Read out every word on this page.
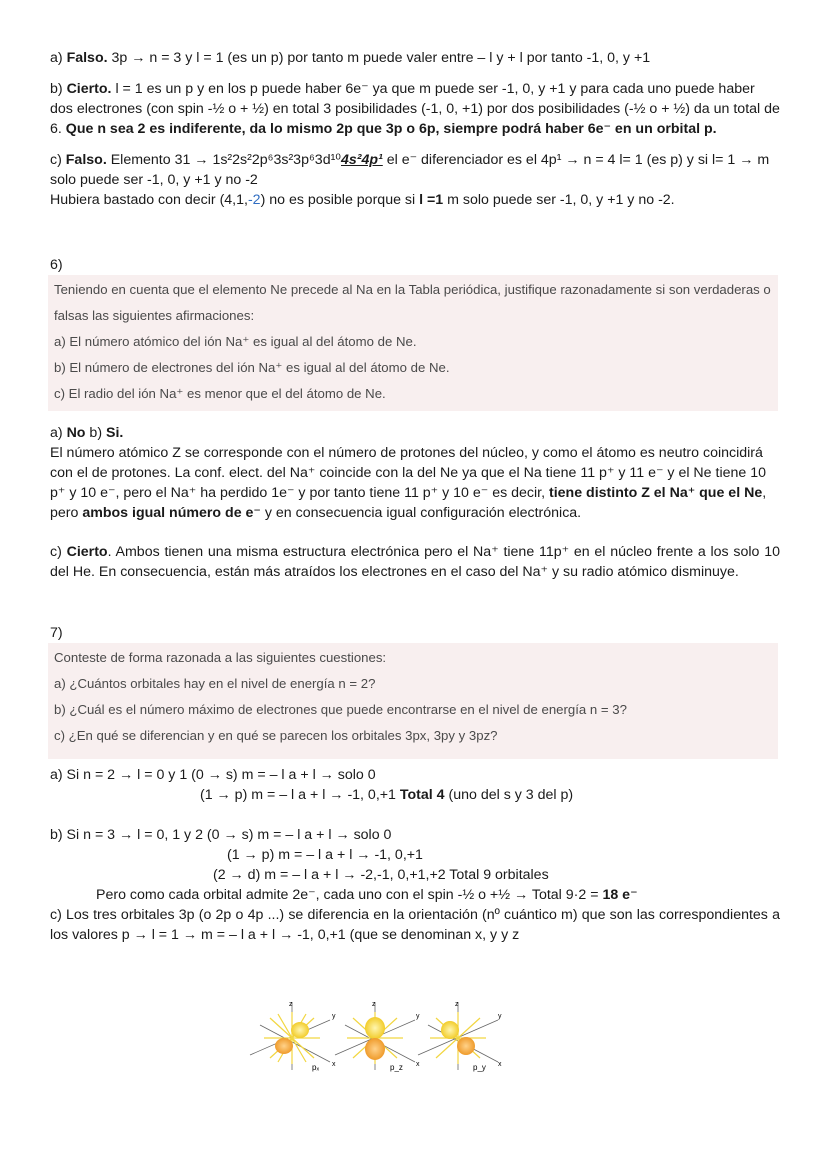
a) Falso. 3p → n = 3 y l = 1 (es un p) por tanto m puede valer entre – l y + l por tanto -1, 0, y +1

b) Cierto. l = 1 es un p y en los p puede haber 6e⁻ ya que m puede ser -1, 0, y +1 y para cada uno puede haber dos electrones (con spin -½ o + ½) en total 3 posibilidades (-1, 0, +1) por dos posibilidades (-½ o + ½) da un total de 6. Que n sea 2 es indiferente, da lo mismo 2p que 3p o 6p, siempre podrá haber 6e⁻ en un orbital p.

c) Falso. Elemento 31 → 1s²2s²2p⁶3s²3p⁶3d¹⁰4s²4p¹ el e⁻ diferenciador es el 4p¹ → n = 4 l= 1 (es p) y si l= 1 → m solo puede ser -1, 0, y +1 y no -2

Hubiera bastado con decir (4,1,-2) no es posible porque si l =1 m solo puede ser -1, 0, y +1 y no -2.

6)

Teniendo en cuenta que el elemento Ne precede al Na en la Tabla periódica, justifique razonadamente si son verdaderas o falsas las siguientes afirmaciones:

a) El número atómico del ión Na⁺ es igual al del átomo de Ne.

b) El número de electrones del ión Na⁺ es igual al del átomo de Ne.

c) El radio del ión Na⁺ es menor que el del átomo de Ne.

a) No b) Si.

El número atómico Z se corresponde con el número de protones del núcleo, y como el átomo es neutro coincidirá con el de protones. La conf. elect. del Na⁺ coincide con la del Ne ya que el Na tiene 11 p⁺ y 11 e⁻ y el Ne tiene 10 p⁺ y 10 e⁻, pero el Na⁺ ha perdido 1e⁻ y por tanto tiene 11 p⁺ y 10 e⁻ es decir, tiene distinto Z el Na⁺ que el Ne, pero ambos igual número de e⁻ y en consecuencia igual configuración electrónica.

c) Cierto. Ambos tienen una misma estructura electrónica pero el Na⁺ tiene 11p⁺ en el núcleo frente a los solo 10 del He. En consecuencia, están más atraídos los electrones en el caso del Na⁺ y su radio atómico disminuye.

7)

Conteste de forma razonada a las siguientes cuestiones:

a) ¿Cuántos orbitales hay en el nivel de energía n = 2?

b) ¿Cuál es el número máximo de electrones que puede encontrarse en el nivel de energía n = 3?

c) ¿En qué se diferencian y en qué se parecen los orbitales 3px, 3py y 3pz?

a) Si n = 2 → l = 0 y 1 (0 → s) m = – l a + l → solo 0

(1 → p) m = – l a + l → -1, 0,+1 Total 4 (uno del s y 3 del p)

b) Si n = 3 → l = 0, 1 y 2 (0 → s) m = – l a + l → solo 0

(1 → p) m = – l a + l → -1, 0,+1

(2 → d) m = – l a + l → -2,-1, 0,+1,+2 Total 9 orbitales

Pero como cada orbital admite 2e⁻, cada uno con el spin -½ o +½ → Total 9·2 = 18 e⁻

c) Los tres orbitales 3p (o 2p o 4p ...) se diferencia en la orientación (nº cuántico m) que son las correspondientes a los valores p → l = 1 → m = – l a + l → -1, 0,+1 (que se denominan x, y y z

z
y
x
pₓ
z
y
x
p_z
z
y
x
p_y
